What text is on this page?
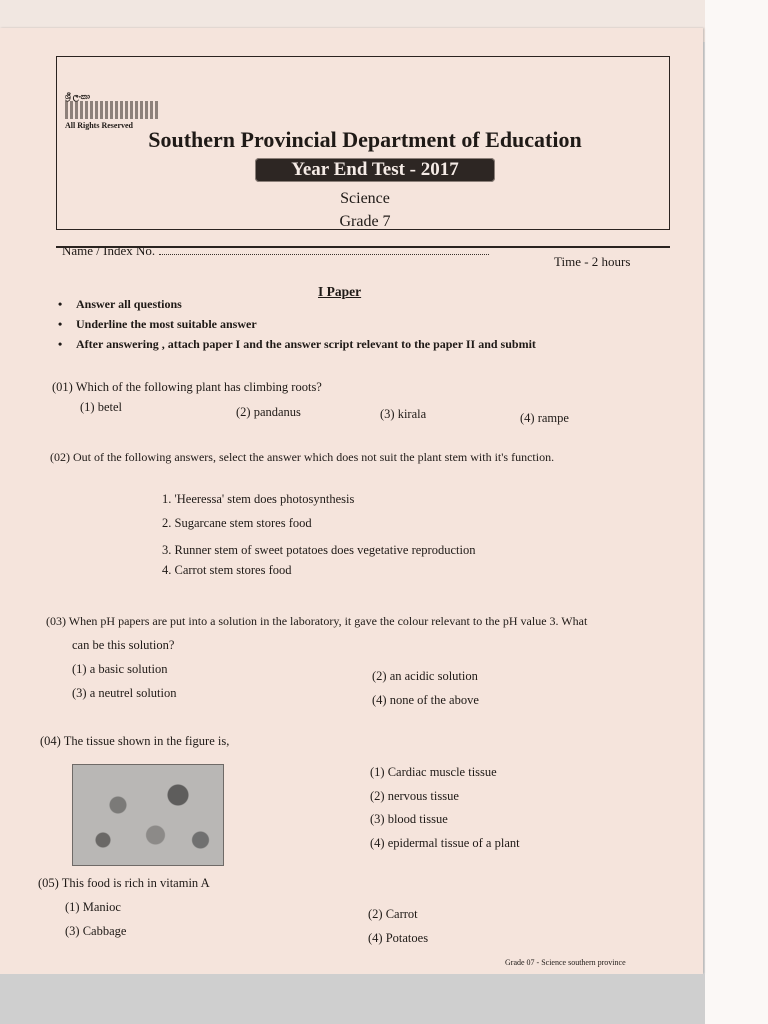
ශ්‍රී ලංකා
All Rights Reserved
Southern Provincial Department of Education
Year End Test - 2017
Science
Grade 7
Name / Index No.
Time - 2 hours
I Paper
• Answer all questions
• Underline the most suitable answer
• After answering , attach paper I and the answer script relevant to the paper II and submit
(01) Which of the following plant has climbing roots?
(1) betel	(2) pandanus	(3) kirala	(4) rampe
(02) Out of the following answers, select the answer which does not suit the plant stem with it's function.
1. 'Heeressa' stem does photosynthesis
2. Sugarcane stem stores food
3. Runner stem of sweet potatoes does vegetative reproduction
4. Carrot stem stores food
(03) When pH papers are put into a solution in the laboratory, it gave the colour relevant to the pH value 3. What
can be this solution?
(1) a basic solution	(2) an acidic solution
(3) a neutrel solution	(4) none of the above
(04) The tissue shown in the figure is,
(1) Cardiac muscle tissue
(2) nervous tissue
(3) blood tissue
(4) epidermal tissue of a plant
(05) This food is rich in vitamin A
(1) Manioc	(2) Carrot
(3) Cabbage	(4) Potatoes
Grade 07 - Science southern province
